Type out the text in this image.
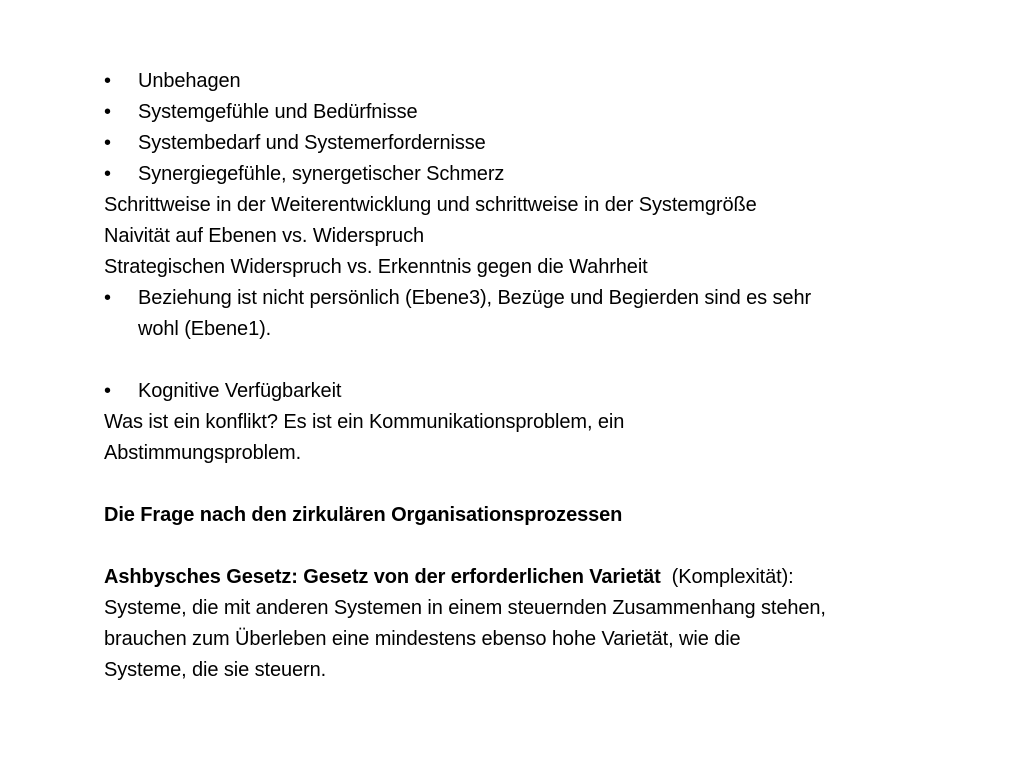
•	Unbehagen
•	Systemgefühle und Bedürfnisse
•	Systembedarf und Systemerfordernisse
•	Synergiegefühle, synergetischer Schmerz

Schrittweise in der Weiterentwicklung und schrittweise in der Systemgröße

Naivität auf Ebenen vs. Widerspruch

Strategischen Widerspruch vs. Erkenntnis gegen die Wahrheit

•	Beziehung ist nicht persönlich (Ebene3), Bezüge und Begierden sind es sehr
wohl (Ebene1).
•	Kognitive Verfügbarkeit

Was ist ein konflikt? Es ist ein Kommunikationsproblem, ein

Abstimmungsproblem.

Die Frage nach den zirkulären Organisationsprozessen

Ashbysches Gesetz: Gesetz von der erforderlichen Varietät  (Komplexität):

Systeme, die mit anderen Systemen in einem steuernden Zusammenhang stehen,

brauchen zum Überleben eine mindestens ebenso hohe Varietät, wie die

Systeme, die sie steuern.
